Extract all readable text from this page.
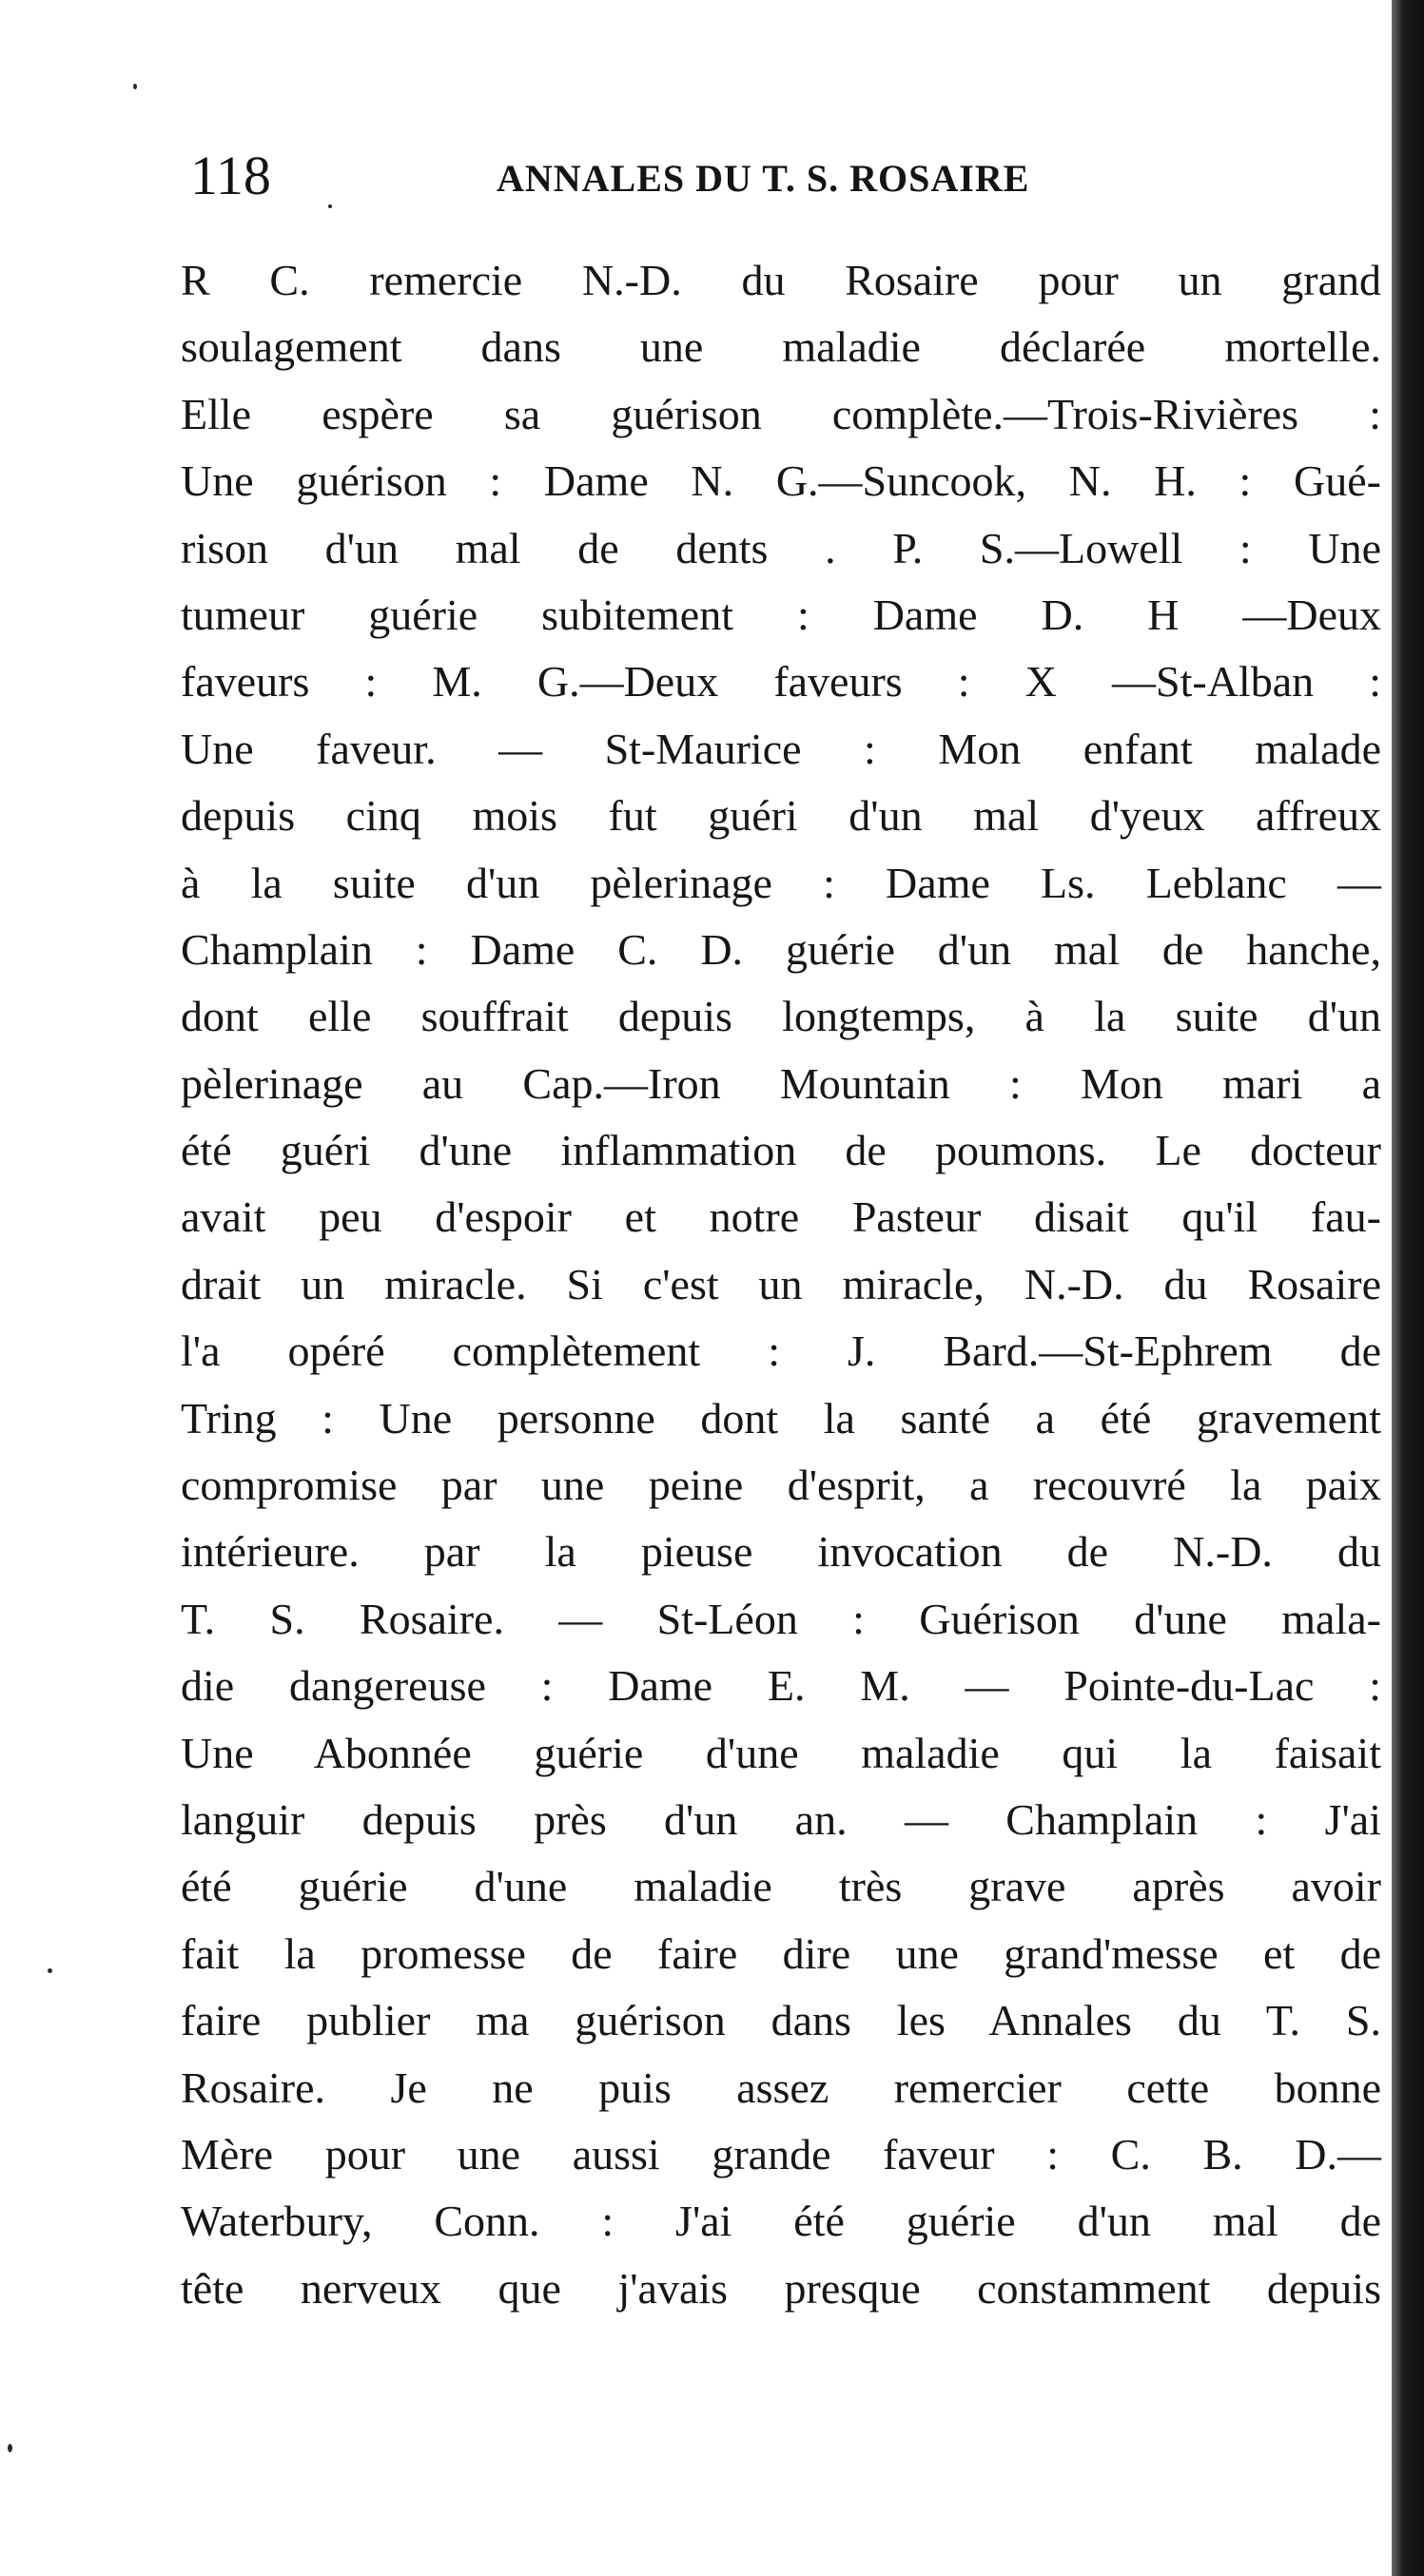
118	ANNALES DU T. S. ROSAIRE
R C. remercie N.-D. du Rosaire pour un grand
soulagement dans une maladie déclarée mortelle.
Elle espère sa guérison complète.—Trois-Rivières :
Une guérison : Dame N. G.—Suncook, N. H. : Gué-
rison d'un mal de dents . P. S.—Lowell : Une
tumeur guérie subitement : Dame D. H —Deux
faveurs : M. G.—Deux faveurs : X —St-Alban :
Une faveur. — St-Maurice : Mon enfant malade
depuis cinq mois fut guéri d'un mal d'yeux affreux
à la suite d'un pèlerinage : Dame Ls. Leblanc —
Champlain : Dame C. D. guérie d'un mal de hanche,
dont elle souffrait depuis longtemps, à la suite d'un
pèlerinage au Cap.—Iron Mountain : Mon mari a
été guéri d'une inflammation de poumons. Le docteur
avait peu d'espoir et notre Pasteur disait qu'il fau-
drait un miracle. Si c'est un miracle, N.-D. du Rosaire
l'a opéré complètement : J. Bard.—St-Ephrem de
Tring : Une personne dont la santé a été gravement
compromise par une peine d'esprit, a recouvré la paix
intérieure. par la pieuse invocation de N.-D. du
T. S. Rosaire. — St-Léon : Guérison d'une mala-
die dangereuse : Dame E. M. — Pointe-du-Lac :
Une Abonnée guérie d'une maladie qui la faisait
languir depuis près d'un an. — Champlain : J'ai
été guérie d'une maladie très grave après avoir
fait la promesse de faire dire une grand'messe et de
faire publier ma guérison dans les Annales du T. S.
Rosaire. Je ne puis assez remercier cette bonne
Mère pour une aussi grande faveur : C. B. D.—
Waterbury, Conn. : J'ai été guérie d'un mal de
tête nerveux que j'avais presque constamment depuis
